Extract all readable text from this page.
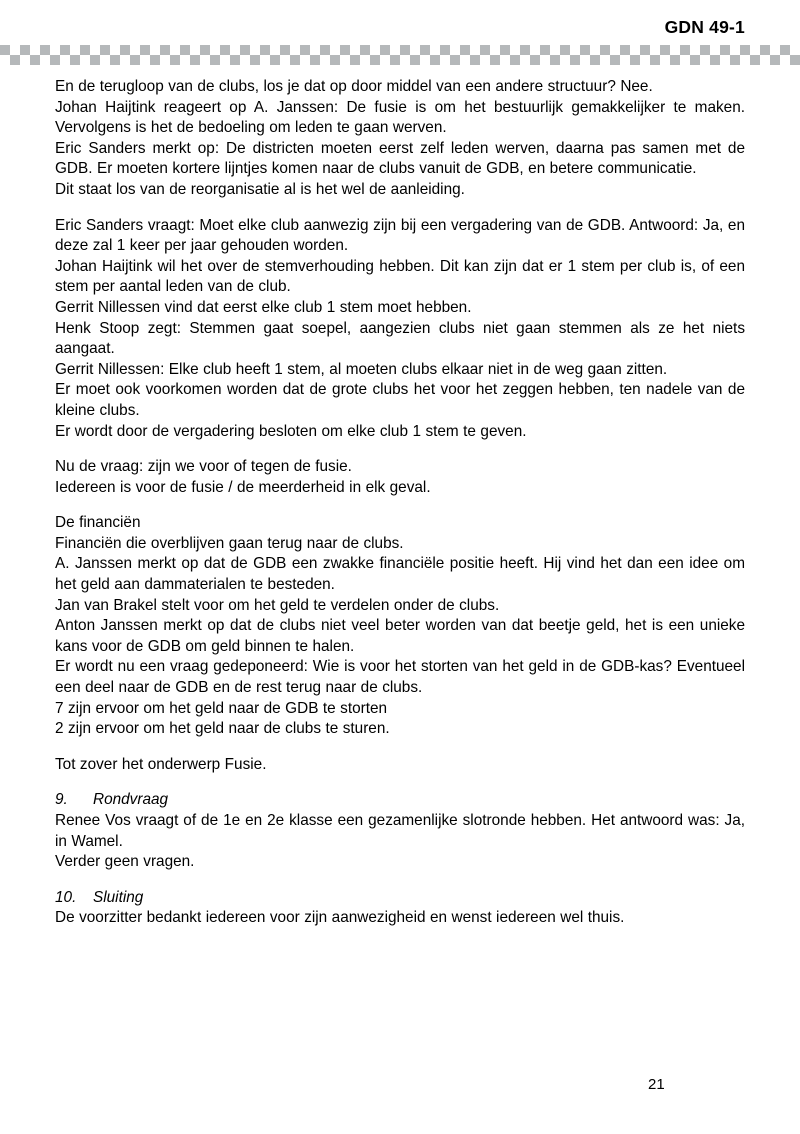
GDN 49-1

En de terugloop van de clubs, los je dat op door middel van een andere structuur? Nee.

Johan Haijtink reageert op A. Janssen: De fusie is om het bestuurlijk gemakkelijker te maken. Vervolgens is het de bedoeling om leden te gaan werven.

Eric Sanders merkt op: De districten moeten eerst zelf leden werven, daarna pas samen met de GDB. Er moeten kortere lijntjes komen naar de clubs vanuit de GDB, en betere communicatie.

Dit staat los van de reorganisatie al is het wel de aanleiding.

Eric Sanders vraagt: Moet elke club aanwezig zijn bij een vergadering van de GDB. Antwoord: Ja, en deze zal 1 keer per jaar gehouden worden.

Johan Haijtink wil het over de stemverhouding hebben. Dit kan zijn dat er 1 stem per club is, of een stem per aantal leden van de club.

Gerrit Nillessen vind dat eerst elke club 1 stem moet hebben.

Henk Stoop zegt: Stemmen gaat soepel, aangezien clubs niet gaan stemmen als ze het niets aangaat.

Gerrit Nillessen: Elke club heeft 1 stem, al moeten clubs elkaar niet in de weg gaan zitten.

Er moet ook voorkomen worden dat de grote clubs het voor het zeggen hebben, ten nadele van de kleine clubs.

Er wordt door de vergadering besloten om elke club 1 stem te geven.

Nu de vraag: zijn we voor of tegen de fusie.

Iedereen is voor de fusie / de meerderheid in elk geval.

De financiën

Financiën die overblijven gaan terug naar de clubs.

A. Janssen merkt op dat de GDB een zwakke financiële positie heeft. Hij vind het dan een idee om het geld aan dammaterialen te besteden.

Jan van Brakel stelt voor om het geld te verdelen onder de clubs.

Anton Janssen merkt op dat de clubs niet veel beter worden van dat beetje geld, het is een unieke kans voor de GDB om geld binnen te halen.

Er wordt nu een vraag gedeponeerd: Wie is voor het storten van het geld in de GDB-kas? Eventueel een deel naar de GDB en de rest terug naar de clubs.

7 zijn ervoor om het geld naar de GDB te storten

2 zijn ervoor om het geld naar de clubs te sturen.

Tot zover het onderwerp Fusie.

9. Rondvraag

Renee Vos vraagt of de 1e en 2e klasse een gezamenlijke slotronde hebben. Het antwoord was: Ja, in Wamel.

Verder geen vragen.

10. Sluiting

De voorzitter bedankt iedereen voor zijn aanwezigheid en wenst iedereen wel thuis.

21
